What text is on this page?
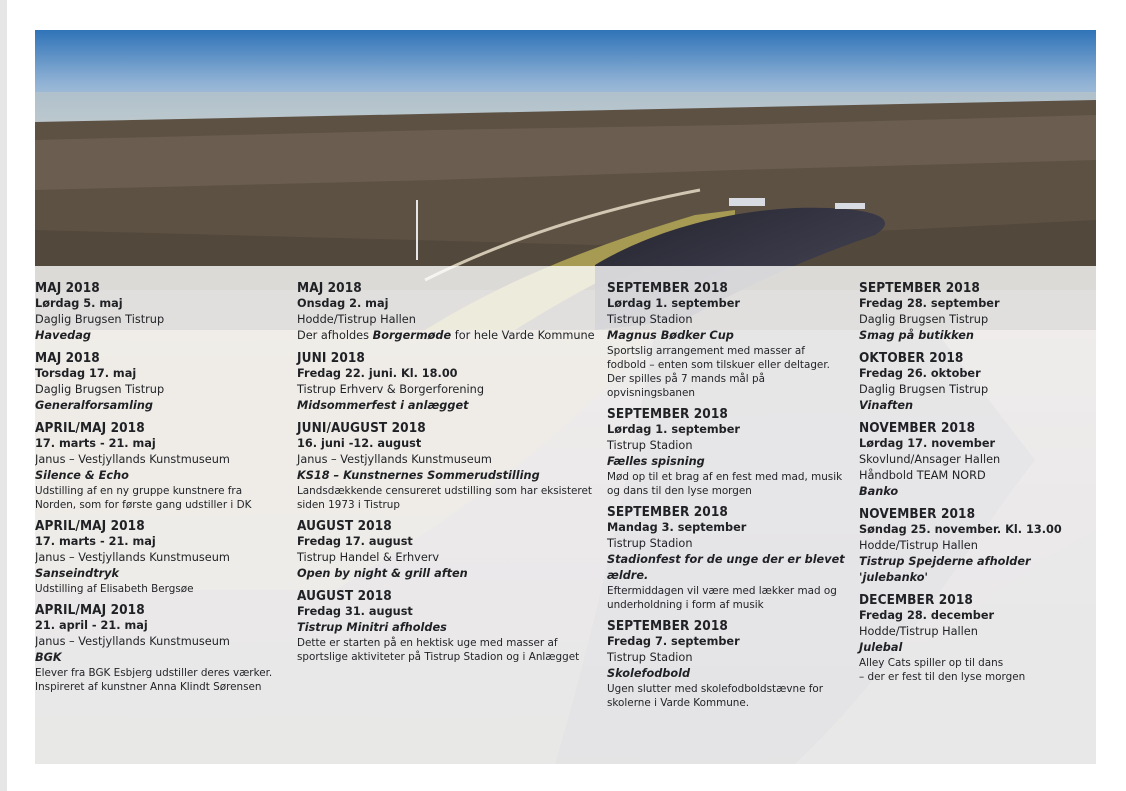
MAJ 2018
Lørdag 5. maj
Daglig Brugsen Tistrup
Havedag
MAJ 2018
Torsdag 17. maj
Daglig Brugsen Tistrup
Generalforsamling
APRIL/MAJ 2018
17. marts - 21. maj
Janus – Vestjyllands Kunstmuseum
Silence & Echo
Udstilling af en ny gruppe kunstnere fra Norden, som for første gang udstiller i DK
APRIL/MAJ 2018
17. marts - 21. maj
Janus – Vestjyllands Kunstmuseum
Sanseindtryk
Udstilling af Elisabeth Bergsøe
APRIL/MAJ 2018
21. april - 21. maj
Janus – Vestjyllands Kunstmuseum
BGK
Elever fra BGK Esbjerg udstiller deres værker. Inspireret af kunstner Anna Klindt Sørensen
MAJ 2018
Onsdag 2. maj
Hodde/Tistrup Hallen
Der afholdes Borgermøde for hele Varde Kommune
JUNI 2018
Fredag 22. juni. Kl. 18.00
Tistrup Erhverv & Borgerforening
Midsommerfest i anlægget
JUNI/AUGUST 2018
16. juni -12. august
Janus – Vestjyllands Kunstmuseum
KS18 – Kunstnernes Sommerudstilling
Landsdækkende censureret udstilling som har eksisteret siden 1973 i Tistrup
AUGUST 2018
Fredag 17. august
Tistrup Handel & Erhverv
Open by night & grill aften
AUGUST 2018
Fredag 31. august
Tistrup Minitri afholdes
Dette er starten på en hektisk uge med masser af sportslige aktiviteter på Tistrup Stadion og i Anlægget
SEPTEMBER 2018
Lørdag 1. september
Tistrup Stadion
Magnus Bødker Cup
Sportslig arrangement med masser af fodbold – enten som tilskuer eller deltager. Der spilles på 7 mands mål på opvisningsbanen
SEPTEMBER 2018
Lørdag 1. september
Tistrup Stadion
Fælles spisning
Mød op til et brag af en fest med mad, musik og dans til den lyse morgen
SEPTEMBER 2018
Mandag 3. september
Tistrup Stadion
Stadionfest for de unge der er blevet ældre.
Eftermiddagen vil være med lækker mad og underholdning i form af musik
SEPTEMBER 2018
Fredag 7. september
Tistrup Stadion
Skolefodbold
Ugen slutter med skolefodboldstævne for skolerne i Varde Kommune.
SEPTEMBER 2018
Fredag 28. september
Daglig Brugsen Tistrup
Smag på butikken
OKTOBER 2018
Fredag 26. oktober
Daglig Brugsen Tistrup
Vinaften
NOVEMBER 2018
Lørdag 17. november
Skovlund/Ansager Hallen
Håndbold TEAM NORD
Banko
NOVEMBER 2018
Søndag 25. november. Kl. 13.00
Hodde/Tistrup Hallen
Tistrup Spejderne afholder 'julebanko'
DECEMBER 2018
Fredag 28. december
Hodde/Tistrup Hallen
Julebal
Alley Cats spiller op til dans
– der er fest til den lyse morgen
